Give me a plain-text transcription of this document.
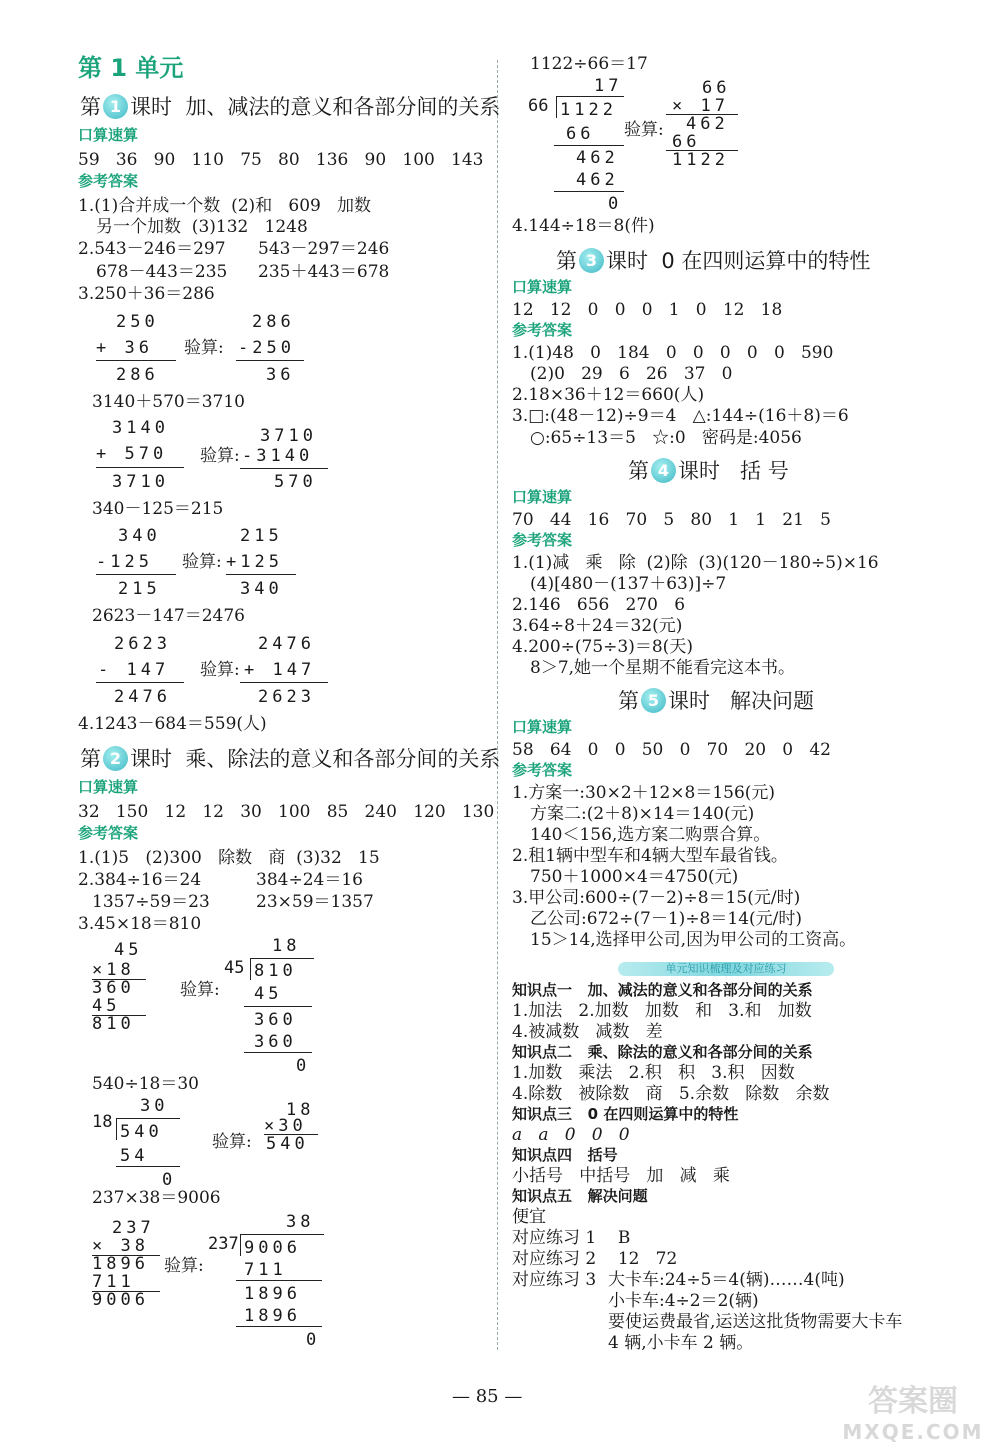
第 1 单元
第 1 课时 加、减法的意义和各部分间的关系
口算速算
59   36   90   110   75   80   136   90   100   143
参考答案
1.(1)合并成一个数  (2)和   609   加数
另一个加数  (3)132   1248
2.543－246＝297 543－297＝246
678－443＝235 235＋443＝678
3.250＋36＝286
250
+ 36
286
验算:
286
-250
36
3140＋570＝3710
3140
+ 570
3710
验算:
3710
-3140
570
340－125＝215
340
-125
215
验算:
215
+125
340
2623－147＝2476
2623
- 147
2476
验算:
2476
+ 147
2623
4.1243－684＝559(人)
第 2 课时 乘、除法的意义和各部分间的关系
口算速算
32   150   12   12   30   100   85   240   120   130
参考答案
1.(1)5   (2)300   除数   商  (3)32   15
2.384÷16＝24	384÷24＝16
1357÷59＝23	23×59＝1357
3.45×18＝810
45
×18
360
45
810
验算:
18
45 810
45
360
360
0
540÷18＝30
30
18 540
54
0
验算:
18
×30
540
237×38＝9006
237
× 38
1896
711
9006
验算:
38
237 9006
711
1896
1896
0
1122÷66＝17
17
66 1122
66
462
462
0
验算:
66
× 17
462
66
1122
4.144÷18＝8(件)
第 3 课时 0 在四则运算中的特性
口算速算
12   12   0   0   0   1   0   12   18
参考答案
1.(1)48   0   184   0   0   0   0   0   590
(2)0   29   6   26   37   0
2.18×36＋12＝660(人)
3.□:(48－12)÷9＝4   △:144÷(16＋8)＝6
○:65÷13＝5   ☆:0   密码是:4056
第 4 课时 括 号
口算速算
70   44   16   70   5   80   1   1   21   5
参考答案
1.(1)减   乘   除  (2)除  (3)(120－180÷5)×16
(4)[480－(137＋63)]÷7
2.146   656   270   6
3.64÷8＋24＝32(元)
4.200÷(75÷3)＝8(天)
8＞7,她一个星期不能看完这本书。
第 5 课时 解决问题
口算速算
58   64   0   0   50   0   70   20   0   42
参考答案
1.方案一:30×2＋12×8＝156(元)
方案二:(2＋8)×14＝140(元)
140＜156,选方案二购票合算。
2.租1辆中型车和4辆大型车最省钱。
750＋1000×4＝4750(元)
3.甲公司:600÷(7－2)÷8＝15(元/时)
乙公司:672÷(7－1)÷8＝14(元/时)
15＞14,选择甲公司,因为甲公司的工资高。
单元知识梳理及对应练习
知识点一   加、减法的意义和各部分间的关系
1.加法   2.加数   加数   和   3.和   加数
4.被减数   减数   差
知识点二   乘、除法的意义和各部分间的关系
1.加数   乘法   2.积   积   3.积   因数
4.除数   被除数   商   5.余数   除数   余数
知识点三   0 在四则运算中的特性
a   a   0   0   0
知识点四   括号
小括号   中括号   加   减   乘
知识点五   解决问题
便宜
对应练习 1    B
对应练习 2    12   72
对应练习 3 大卡车:24÷5＝4(辆)……4(吨)
小卡车:4÷2＝2(辆)
要使运费最省,运送这批货物需要大卡车
4 辆,小卡车 2 辆。
— 85 —	答案圈
MXQE.COM
